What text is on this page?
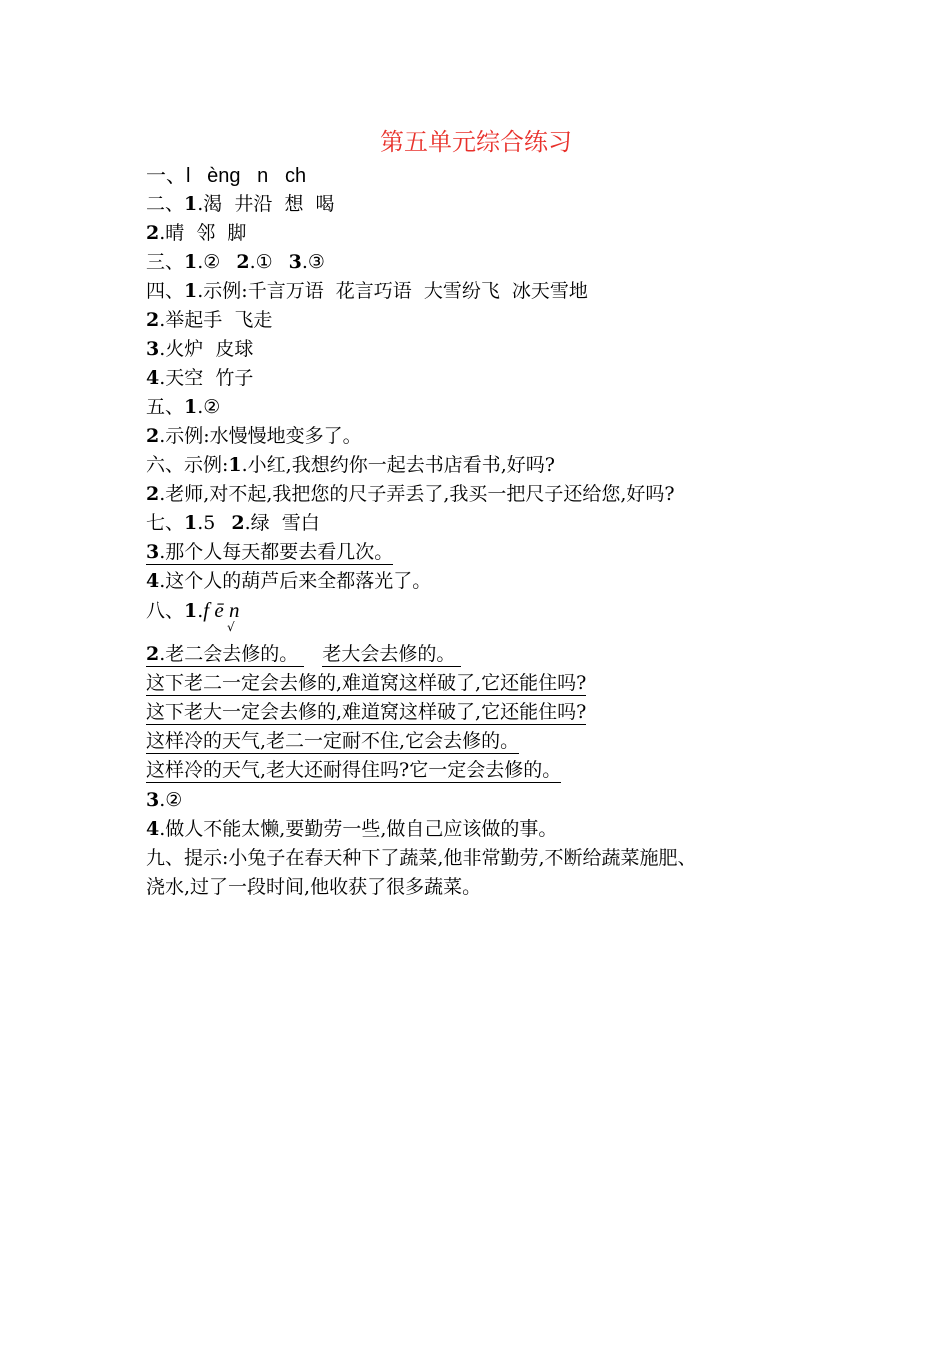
第五单元综合练习
一、l   èng   n   ch
二、1.渴  井沿  想  喝
2.晴  邻  脚
三、1.② 2.① 3.③
四、1.示例:千言万语  花言巧语  大雪纷飞  冰天雪地
2.举起手  飞走
3.火炉  皮球
4.天空  竹子
五、1.②
2.示例:水慢慢地变多了。
六、示例:1.小红,我想约你一起去书店看书,好吗?
2.老师,对不起,我把您的尺子弄丢了,我买一把尺子还给您,好吗?
七、1.5 2.绿  雪白
3.那个人每天都要去看几次。
4.这个人的葫芦后来全都落光了。
八、1.f ē n
√
2.老二会去修的。 老大会去修的。
这下老二一定会去修的,难道窝这样破了,它还能住吗?
这下老大一定会去修的,难道窝这样破了,它还能住吗?
这样冷的天气,老二一定耐不住,它会去修的。
这样冷的天气,老大还耐得住吗?它一定会去修的。
3.②
4.做人不能太懒,要勤劳一些,做自己应该做的事。
九、提示:小兔子在春天种下了蔬菜,他非常勤劳,不断给蔬菜施肥、
浇水,过了一段时间,他收获了很多蔬菜。
